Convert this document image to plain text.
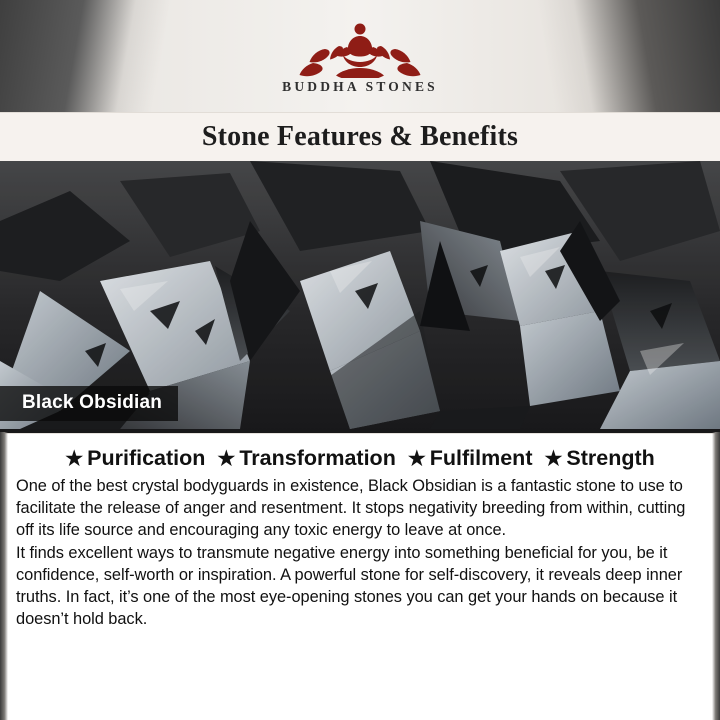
BUDDHA STONES
Stone Features & Benefits
Black Obsidian
★ Purification ★ Transformation ★ Fulfilment ★ Strength

One of the best crystal bodyguards in existence, Black Obsidian is a fantastic stone to use to facilitate the release of anger and resentment. It stops negativity breeding from within, cutting off its life source and encouraging any toxic energy to leave at once.

It finds excellent ways to transmute negative energy into something beneficial for you, be it confidence, self-worth or inspiration. A powerful stone for self-discovery, it reveals deep inner truths. In fact, it’s one of the most eye-opening stones you can get your hands on because it doesn’t hold back.
